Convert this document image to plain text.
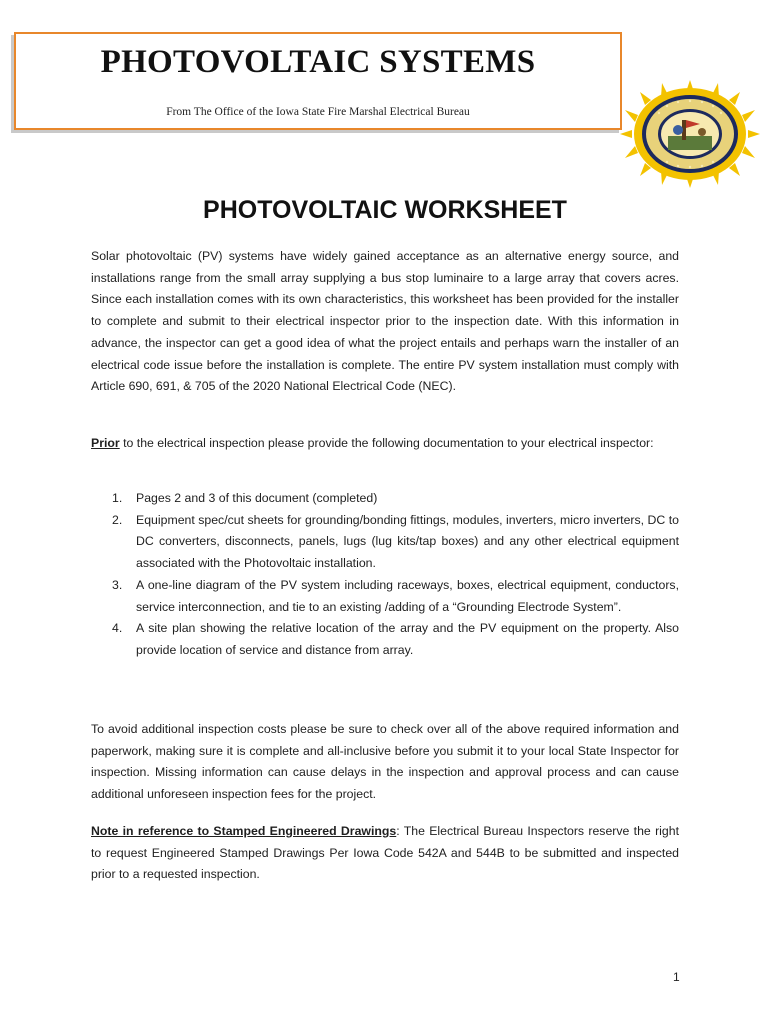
PHOTOVOLTAIC SYSTEMS
From The Office of the Iowa State Fire Marshal Electrical Bureau
PHOTOVOLTAIC WORKSHEET

Solar photovoltaic (PV) systems have widely gained acceptance as an alternative energy source, and installations range from the small array supplying a bus stop luminaire to a large array that covers acres. Since each installation comes with its own characteristics, this worksheet has been provided for the installer to complete and submit to their electrical inspector prior to the inspection date. With this information in advance, the inspector can get a good idea of what the project entails and perhaps warn the installer of an electrical code issue before the installation is complete. The entire PV system installation must comply with Article 690, 691, & 705 of the 2020 National Electrical Code (NEC).

Prior to the electrical inspection please provide the following documentation to your electrical inspector:

1. Pages 2 and 3 of this document (completed)
2. Equipment spec/cut sheets for grounding/bonding fittings, modules, inverters, micro inverters, DC to DC converters, disconnects, panels, lugs (lug kits/tap boxes) and any other electrical equipment associated with the Photovoltaic installation.
3. A one-line diagram of the PV system including raceways, boxes, electrical equipment, conductors, service interconnection, and tie to an existing /adding of a “Grounding Electrode System”.
4. A site plan showing the relative location of the array and the PV equipment on the property. Also provide location of service and distance from array.

To avoid additional inspection costs please be sure to check over all of the above required information and paperwork, making sure it is complete and all-inclusive before you submit it to your local State Inspector for inspection. Missing information can cause delays in the inspection and approval process and can cause additional unforeseen inspection fees for the project.

Note in reference to Stamped Engineered Drawings: The Electrical Bureau Inspectors reserve the right to request Engineered Stamped Drawings Per Iowa Code 542A and 544B to be submitted and inspected prior to a requested inspection.

1
